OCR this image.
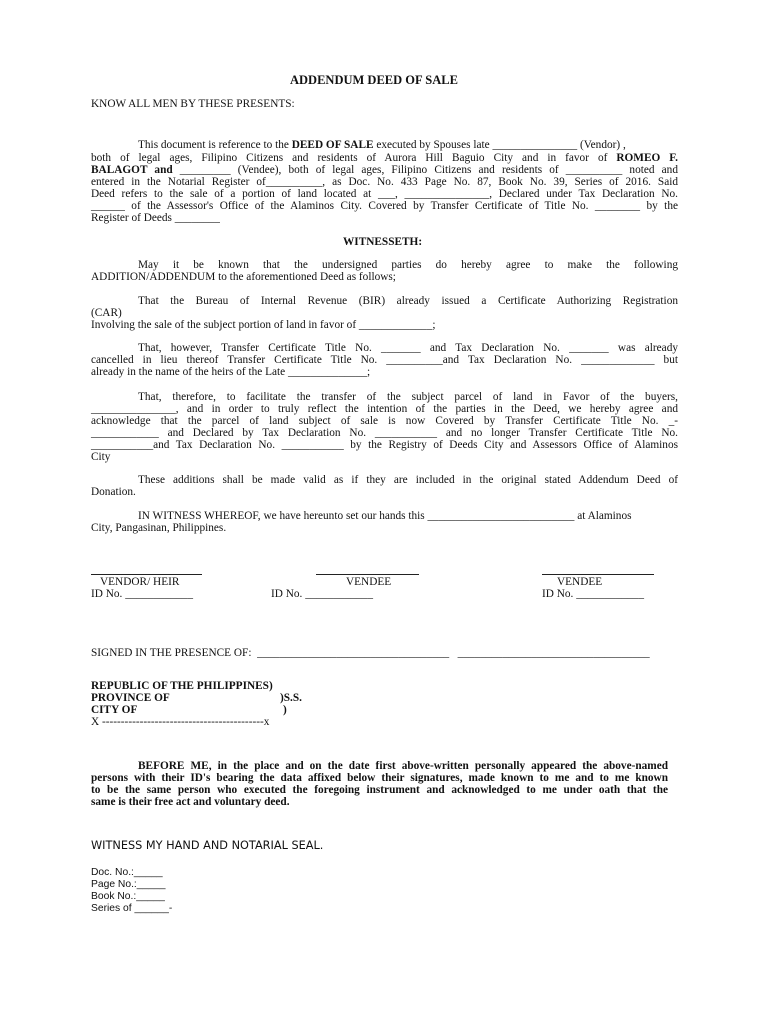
ADDENDUM DEED OF SALE
KNOW ALL MEN BY THESE PRESENTS:
This document is reference to the DEED OF SALE executed by Spouses late _______________ (Vendor) ,
both of legal ages, Filipino Citizens and residents of Aurora Hill Baguio City and in favor of ROMEO F.
BALAGOT and _________ (Vendee), both of legal ages, Filipino Citizens and residents of __________ noted and
entered in the Notarial Register of__________, as Doc. No. 433 Page No. 87, Book No. 39, Series of 2016. Said
Deed refers to the sale of a portion of land located at ___, _______________, Declared under Tax Declaration No.
______ of the Assessor's Office of the Alaminos City. Covered by Transfer Certificate of Title No. ________ by the
Register of Deeds ________
WITNESSETH:
May it be known that the undersigned parties do hereby agree to make the following
ADDITION/ADDENDUM to the aforementioned Deed as follows;
That the Bureau of Internal Revenue (BIR) already issued a Certificate Authorizing Registration
(CAR)
Involving the sale of the subject portion of land in favor of _____________;
That, however, Transfer Certificate Title No. _______ and Tax Declaration No. _______ was already
cancelled in lieu thereof Transfer Certificate Title No. __________and Tax Declaration No. _____________ but
already in the name of the heirs of the Late ______________;
That, therefore, to facilitate the transfer of the subject parcel of land in Favor of the buyers,
_______________, and in order to truly reflect the intention of the parties in the Deed, we hereby agree and
acknowledge that the parcel of land subject of sale is now Covered by Transfer Certificate Title No. _-
____________ and Declared by Tax Declaration No. ___________ and no longer Transfer Certificate Title No.
___________and Tax Declaration No. ___________ by the Registry of Deeds City and Assessors Office of Alaminos
City
These additions shall be made valid as if they are included in the original stated Addendum Deed of
Donation.
IN WITNESS WHEREOF, we have hereunto set our hands this __________________________ at Alaminos
City, Pangasinan, Philippines.
VENDOR/ HEIR	VENDEE	VENDEE
ID No. ____________	ID No. ____________	ID No. ____________
SIGNED IN THE PRESENCE OF:  __________________________________   __________________________________
REPUBLIC OF THE PHILIPPINES)
PROVINCE OF	)S.S.
CITY OF	)
X -------------------------------------------x
BEFORE ME, in the place and on the date first above-written personally appeared the above-named
persons with their ID's bearing the data affixed below their signatures, made known to me and to me known
to be the same person who executed the foregoing instrument and acknowledged to me under oath that the
same is their free act and voluntary deed.
WITNESS MY HAND AND NOTARIAL SEAL.
Doc. No.:_____
Page No.:_____
Book No.:_____
Series of ______-
